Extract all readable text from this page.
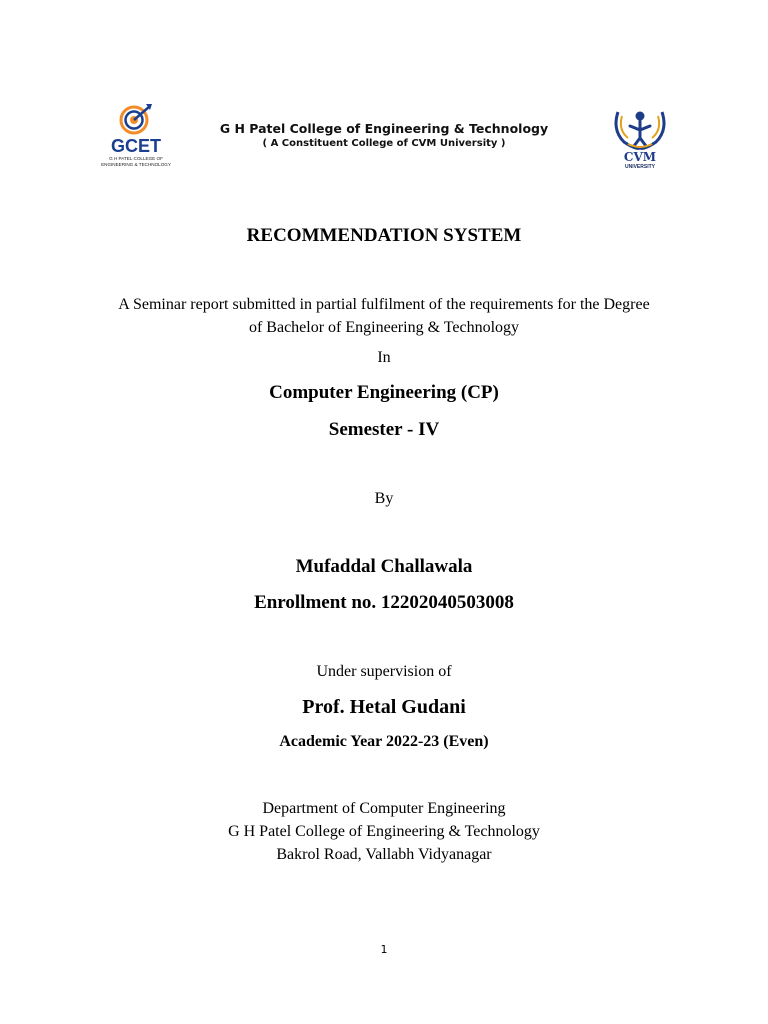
GCET
G H PATEL COLLEGE OF
ENGINEERING & TECHNOLOGY
G H Patel College of Engineering & Technology
( A Constituent College of CVM University )
CVM
UNIVERSITY
RECOMMENDATION SYSTEM
A Seminar report submitted in partial fulfilment of the requirements for the Degree
of Bachelor of Engineering & Technology
In
Computer Engineering (CP)
Semester - IV
By
Mufaddal Challawala
Enrollment no. 12202040503008
Under supervision of
Prof. Hetal Gudani
Academic Year 2022-23 (Even)
Department of Computer Engineering
G H Patel College of Engineering & Technology
Bakrol Road, Vallabh Vidyanagar
1
